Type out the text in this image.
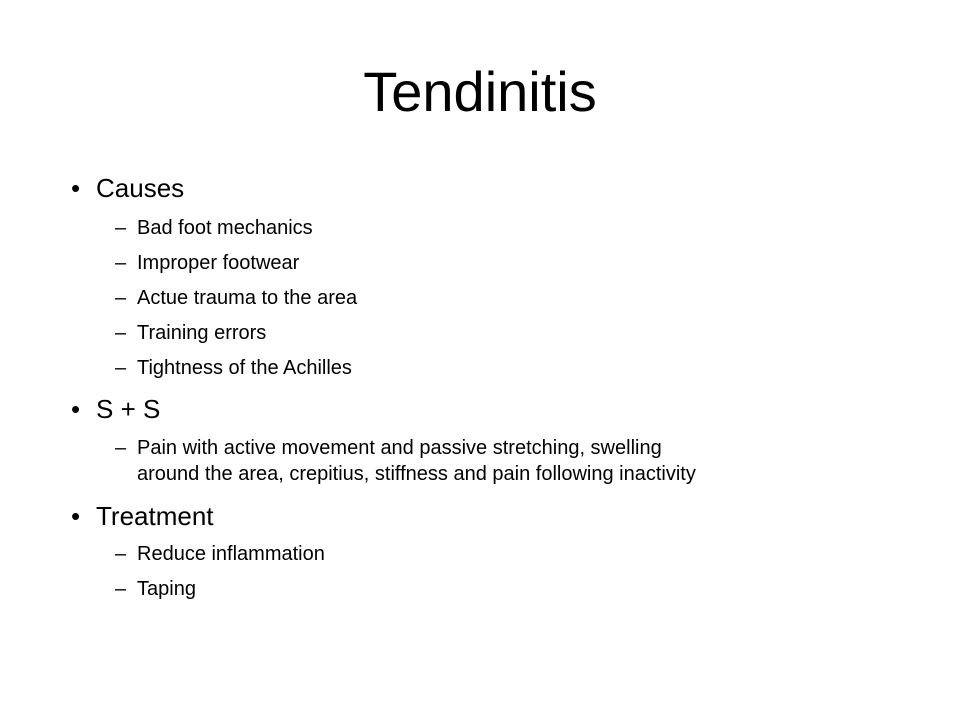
Tendinitis
• Causes
– Bad foot mechanics
– Improper footwear
– Actue trauma to the area
– Training errors
– Tightness of the Achilles
• S + S
– Pain with active movement and passive stretching, swelling
around the area, crepitius, stiffness and pain following inactivity
• Treatment
– Reduce inflammation
– Taping
